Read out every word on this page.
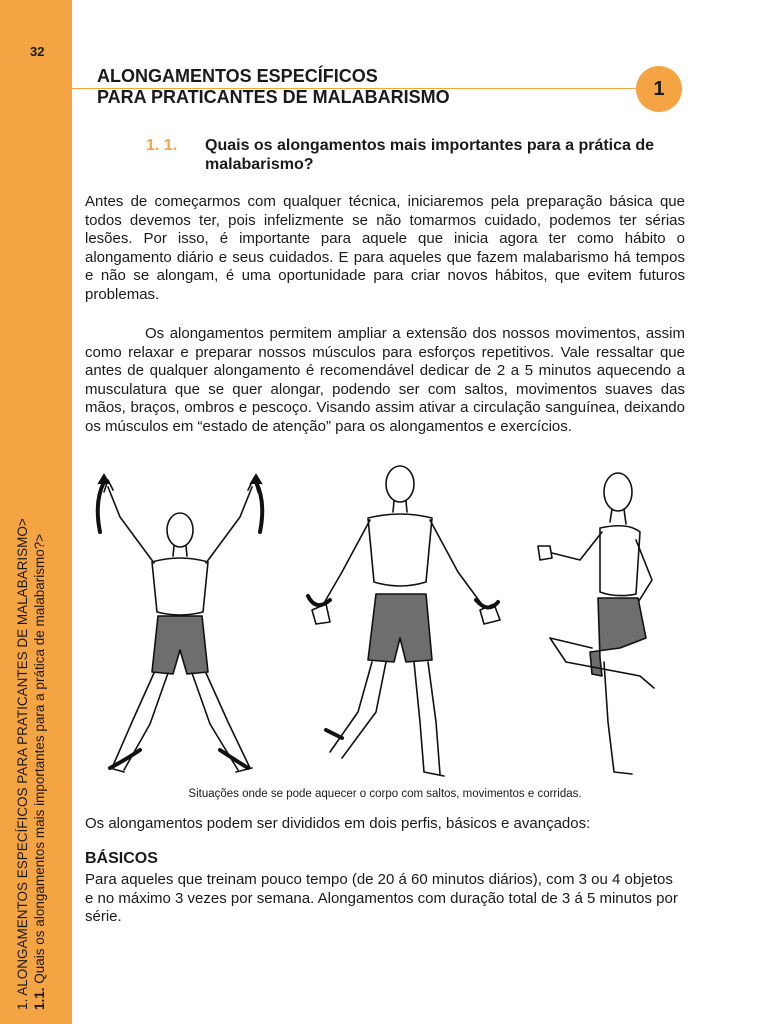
32
1. ALONGAMENTOS ESPECÍFICOS PARA PRATICANTES DE MALABARISMO> 1.1. Quais os alongamentos mais importantes para a prática de malabarismo?>
ALONGAMENTOS ESPECÍFICOS
PARA PRATICANTES DE MALABARISMO	1
1. 1. Quais os alongamentos mais importantes para a prática de malabarismo?

Antes de começarmos com qualquer técnica, iniciaremos pela preparação básica que todos devemos ter, pois infelizmente se não tomarmos cuidado, podemos ter sérias lesões. Por isso, é importante para aquele que inicia agora ter como hábito o alongamento diário e seus cuidados. E para aqueles que fazem malabarismo há tempos e não se alongam, é uma oportunidade para criar novos hábitos, que evitem futuros problemas.

Os alongamentos permitem ampliar a extensão dos nossos movimentos, assim como relaxar e preparar nossos músculos para esforços repetitivos. Vale ressaltar que antes de qualquer alongamento é recomendável dedicar de 2 a 5 minutos aquecendo a musculatura que se quer alongar, podendo ser com saltos, movimentos suaves das mãos, braços, ombros e pescoço. Visando assim ativar a circulação sanguínea, deixando os músculos em “estado de atenção” para os alongamentos e exercícios.

Situações onde se pode aquecer o corpo com saltos, movimentos e corridas.

Os alongamentos podem ser divididos em dois perfis, básicos e avançados:

BÁSICOS

Para aqueles que treinam pouco tempo (de 20 á 60 minutos diários), com 3 ou 4 objetos e no máximo 3 vezes por semana. Alongamentos com duração total de 3 á 5 minutos por série.
